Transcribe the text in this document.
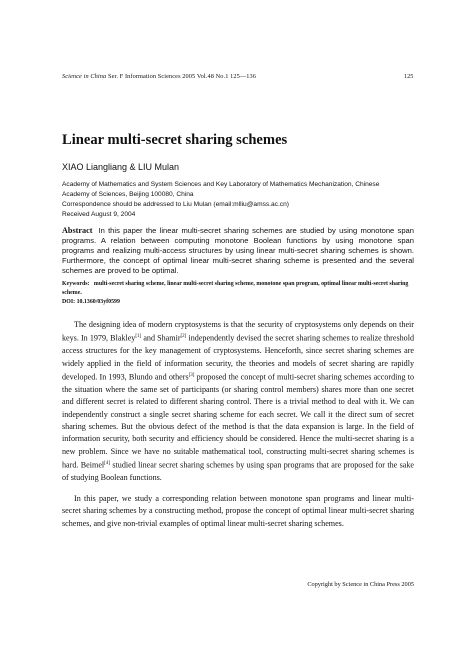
Science in China Ser. F Information Sciences 2005 Vol.48 No.1 125—136	125
Linear multi-secret sharing schemes
XIAO Liangliang & LIU Mulan
Academy of Mathematics and System Sciences and Key Laboratory of Mathematics Mechanization, Chinese
Academy of Sciences, Beijing 100080, China
Correspondence should be addressed to Liu Mulan (email:mlliu@amss.ac.cn)
Received August 9, 2004

Abstract In this paper the linear multi-secret sharing schemes are studied by using monotone span programs. A relation between computing monotone Boolean functions by using monotone span programs and realizing multi-access structures by using linear multi-secret sharing schemes is shown. Furthermore, the concept of optimal linear multi-secret sharing scheme is presented and the several schemes are proved to be optimal.

Keywords: multi-secret sharing scheme, linear multi-secret sharing scheme, monotone span program, optimal linear multi-secret sharing scheme.

DOI: 10.1360/03yf0599

The designing idea of modern cryptosystems is that the security of cryptosystems only depends on their keys. In 1979, Blakley[1] and Shamir[2] independently devised the secret sharing schemes to realize threshold access structures for the key management of cryptosystems. Henceforth, since secret sharing schemes are widely applied in the field of information security, the theories and models of secret sharing are rapidly developed. In 1993, Blundo and others[3] proposed the concept of multi-secret sharing schemes according to the situation where the same set of participants (or sharing control members) shares more than one secret and different secret is related to different sharing control. There is a trivial method to deal with it. We can independently construct a single secret sharing scheme for each secret. We call it the direct sum of secret sharing schemes. But the obvious defect of the method is that the data expansion is large. In the field of information security, both security and efficiency should be considered. Hence the multi-secret sharing is a new problem. Since we have no suitable mathematical tool, constructing multi-secret sharing schemes is hard. Beimel[4] studied linear secret sharing schemes by using span programs that are proposed for the sake of studying Boolean functions.

In this paper, we study a corresponding relation between monotone span programs and linear multi-secret sharing schemes by a constructing method, propose the concept of optimal linear multi-secret sharing schemes, and give non-trivial examples of optimal linear multi-secret sharing schemes.

Copyright by Science in China Press 2005
